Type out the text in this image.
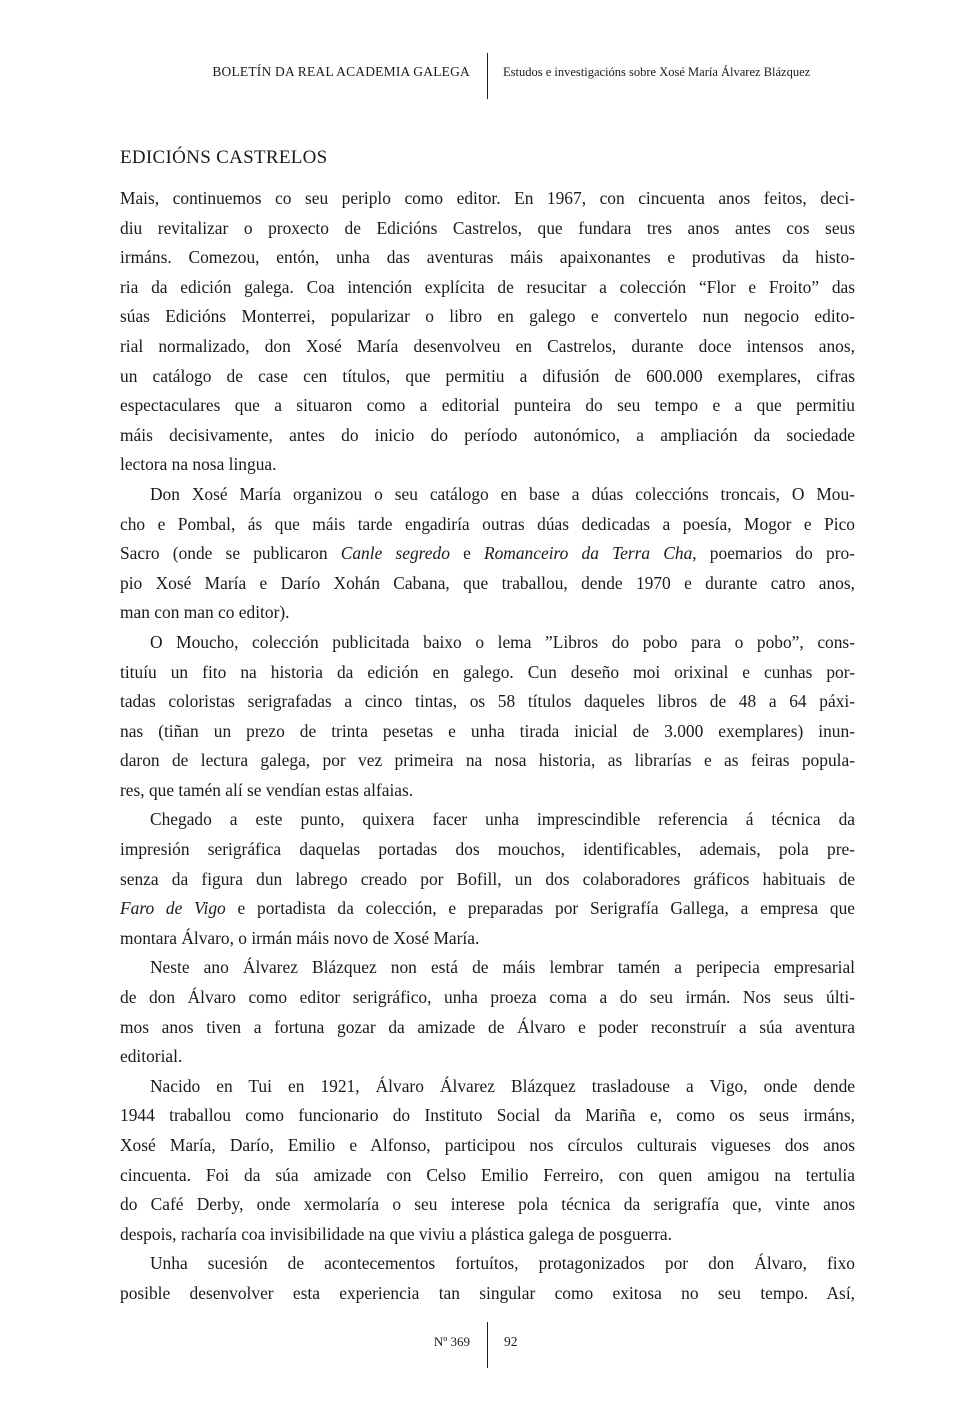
BOLETÍN DA REAL ACADEMIA GALEGA	Estudos e investigacións sobre Xosé María Álvarez Blázquez
EDICIÓNS CASTRELOS
Mais, continuemos co seu periplo como editor. En 1967, con cincuenta anos feitos, deci-
diu revitalizar o proxecto de Edicións Castrelos, que fundara tres anos antes cos seus
irmáns. Comezou, entón, unha das aventuras máis apaixonantes e produtivas da histo-
ria da edición galega. Coa intención explícita de resucitar a colección “Flor e Froito” das
súas Edicións Monterrei, popularizar o libro en galego e convertelo nun negocio edito-
rial normalizado, don Xosé María desenvolveu en Castrelos, durante doce intensos anos,
un catálogo de case cen títulos, que permitiu a difusión de 600.000 exemplares, cifras
espectaculares que a situaron como a editorial punteira do seu tempo e a que permitiu
máis decisivamente, antes do inicio do período autonómico, a ampliación da sociedade
lectora na nosa lingua.
Don Xosé María organizou o seu catálogo en base a dúas coleccións troncais, O Mou-
cho e Pombal, ás que máis tarde engadiría outras dúas dedicadas a poesía, Mogor e Pico
Sacro (onde se publicaron Canle segredo e Romanceiro da Terra Cha, poemarios do pro-
pio Xosé María e Darío Xohán Cabana, que traballou, dende 1970 e durante catro anos,
man con man co editor).
O Moucho, colección publicitada baixo o lema ”Libros do pobo para o pobo”, cons-
tituíu un fito na historia da edición en galego. Cun deseño moi orixinal e cunhas por-
tadas coloristas serigrafadas a cinco tintas, os 58 títulos daqueles libros de 48 a 64 páxi-
nas (tiñan un prezo de trinta pesetas e unha tirada inicial de 3.000 exemplares) inun-
daron de lectura galega, por vez primeira na nosa historia, as librarías e as feiras popula-
res, que tamén alí se vendían estas alfaias.
Chegado a este punto, quixera facer unha imprescindible referencia á técnica da
impresión serigráfica daquelas portadas dos mouchos, identificables, ademais, pola pre-
senza da figura dun labrego creado por Bofill, un dos colaboradores gráficos habituais de
Faro de Vigo e portadista da colección, e preparadas por Serigrafía Gallega, a empresa que
montara Álvaro, o irmán máis novo de Xosé María.
Neste ano Álvarez Blázquez non está de máis lembrar tamén a peripecia empresarial
de don Álvaro como editor serigráfico, unha proeza coma a do seu irmán. Nos seus últi-
mos anos tiven a fortuna gozar da amizade de Álvaro e poder reconstruír a súa aventura
editorial.
Nacido en Tui en 1921, Álvaro Álvarez Blázquez trasladouse a Vigo, onde dende
1944 traballou como funcionario do Instituto Social da Mariña e, como os seus irmáns,
Xosé María, Darío, Emilio e Alfonso, participou nos círculos culturais vigueses dos anos
cincuenta. Foi da súa amizade con Celso Emilio Ferreiro, con quen amigou na tertulia
do Café Derby, onde xermolaría o seu interese pola técnica da serigrafía que, vinte anos
despois, racharía coa invisibilidade na que viviu a plástica galega de posguerra.
Unha sucesión de acontecementos fortuítos, protagonizados por don Álvaro, fixo
posible desenvolver esta experiencia tan singular como exitosa no seu tempo. Así,
Nº 369	92
